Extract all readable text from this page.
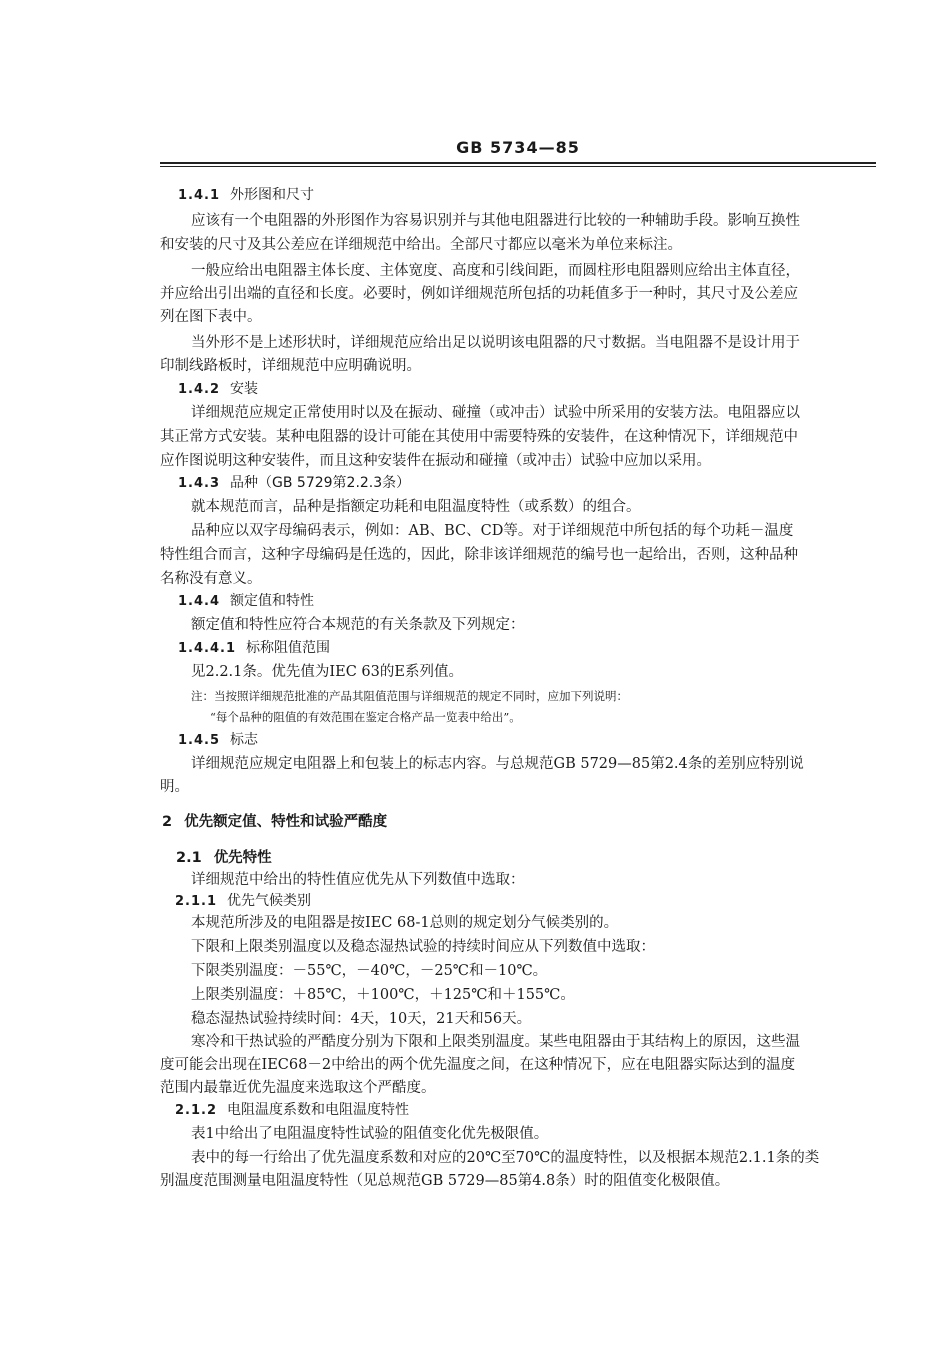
GB 5734—85
1.4.1 外形图和尺寸
应该有一个电阻器的外形图作为容易识别并与其他电阻器进行比较的一种辅助手段。影响互换性
和安装的尺寸及其公差应在详细规范中给出。全部尺寸都应以毫米为单位来标注。
一般应给出电阻器主体长度、主体宽度、高度和引线间距，而圆柱形电阻器则应给出主体直径，
并应给出引出端的直径和长度。必要时，例如详细规范所包括的功耗值多于一种时，其尺寸及公差应
列在图下表中。
当外形不是上述形状时，详细规范应给出足以说明该电阻器的尺寸数据。当电阻器不是设计用于
印制线路板时，详细规范中应明确说明。
1.4.2 安装
详细规范应规定正常使用时以及在振动、碰撞（或冲击）试验中所采用的安装方法。电阻器应以
其正常方式安装。某种电阻器的设计可能在其使用中需要特殊的安装件，在这种情况下，详细规范中
应作图说明这种安装件，而且这种安装件在振动和碰撞（或冲击）试验中应加以采用。
1.4.3 品种（GB 5729第2.2.3条）
就本规范而言，品种是指额定功耗和电阻温度特性（或系数）的组合。
品种应以双字母编码表示，例如：AB、BC、CD等。对于详细规范中所包括的每个功耗－温度
特性组合而言，这种字母编码是任选的，因此，除非该详细规范的编号也一起给出，否则，这种品种
名称没有意义。
1.4.4 额定值和特性
额定值和特性应符合本规范的有关条款及下列规定：
1.4.4.1 标称阻值范围
见2.2.1条。优先值为IEC 63的E系列值。
注：当按照详细规范批准的产品其阻值范围与详细规范的规定不同时，应加下列说明：
“每个品种的阻值的有效范围在鉴定合格产品一览表中给出”。
1.4.5 标志
详细规范应规定电阻器上和包装上的标志内容。与总规范GB 5729—85第2.4条的差别应特别说
明。
2 优先额定值、特性和试验严酷度
2.1 优先特性
详细规范中给出的特性值应优先从下列数值中选取：
2.1.1 优先气候类别
本规范所涉及的电阻器是按IEC 68-1总则的规定划分气候类别的。
下限和上限类别温度以及稳态湿热试验的持续时间应从下列数值中选取：
下限类别温度：－55℃，－40℃，－25℃和－10℃。
上限类别温度：＋85℃，＋100℃，＋125℃和＋155℃。
稳态湿热试验持续时间：4天，10天，21天和56天。
寒冷和干热试验的严酷度分别为下限和上限类别温度。某些电阻器由于其结构上的原因，这些温
度可能会出现在IEC68－2中给出的两个优先温度之间，在这种情况下，应在电阻器实际达到的温度
范围内最靠近优先温度来选取这个严酷度。
2.1.2 电阻温度系数和电阻温度特性
表1中给出了电阻温度特性试验的阻值变化优先极限值。
表中的每一行给出了优先温度系数和对应的20℃至70℃的温度特性，以及根据本规范2.1.1条的类
别温度范围测量电阻温度特性（见总规范GB 5729—85第4.8条）时的阻值变化极限值。
